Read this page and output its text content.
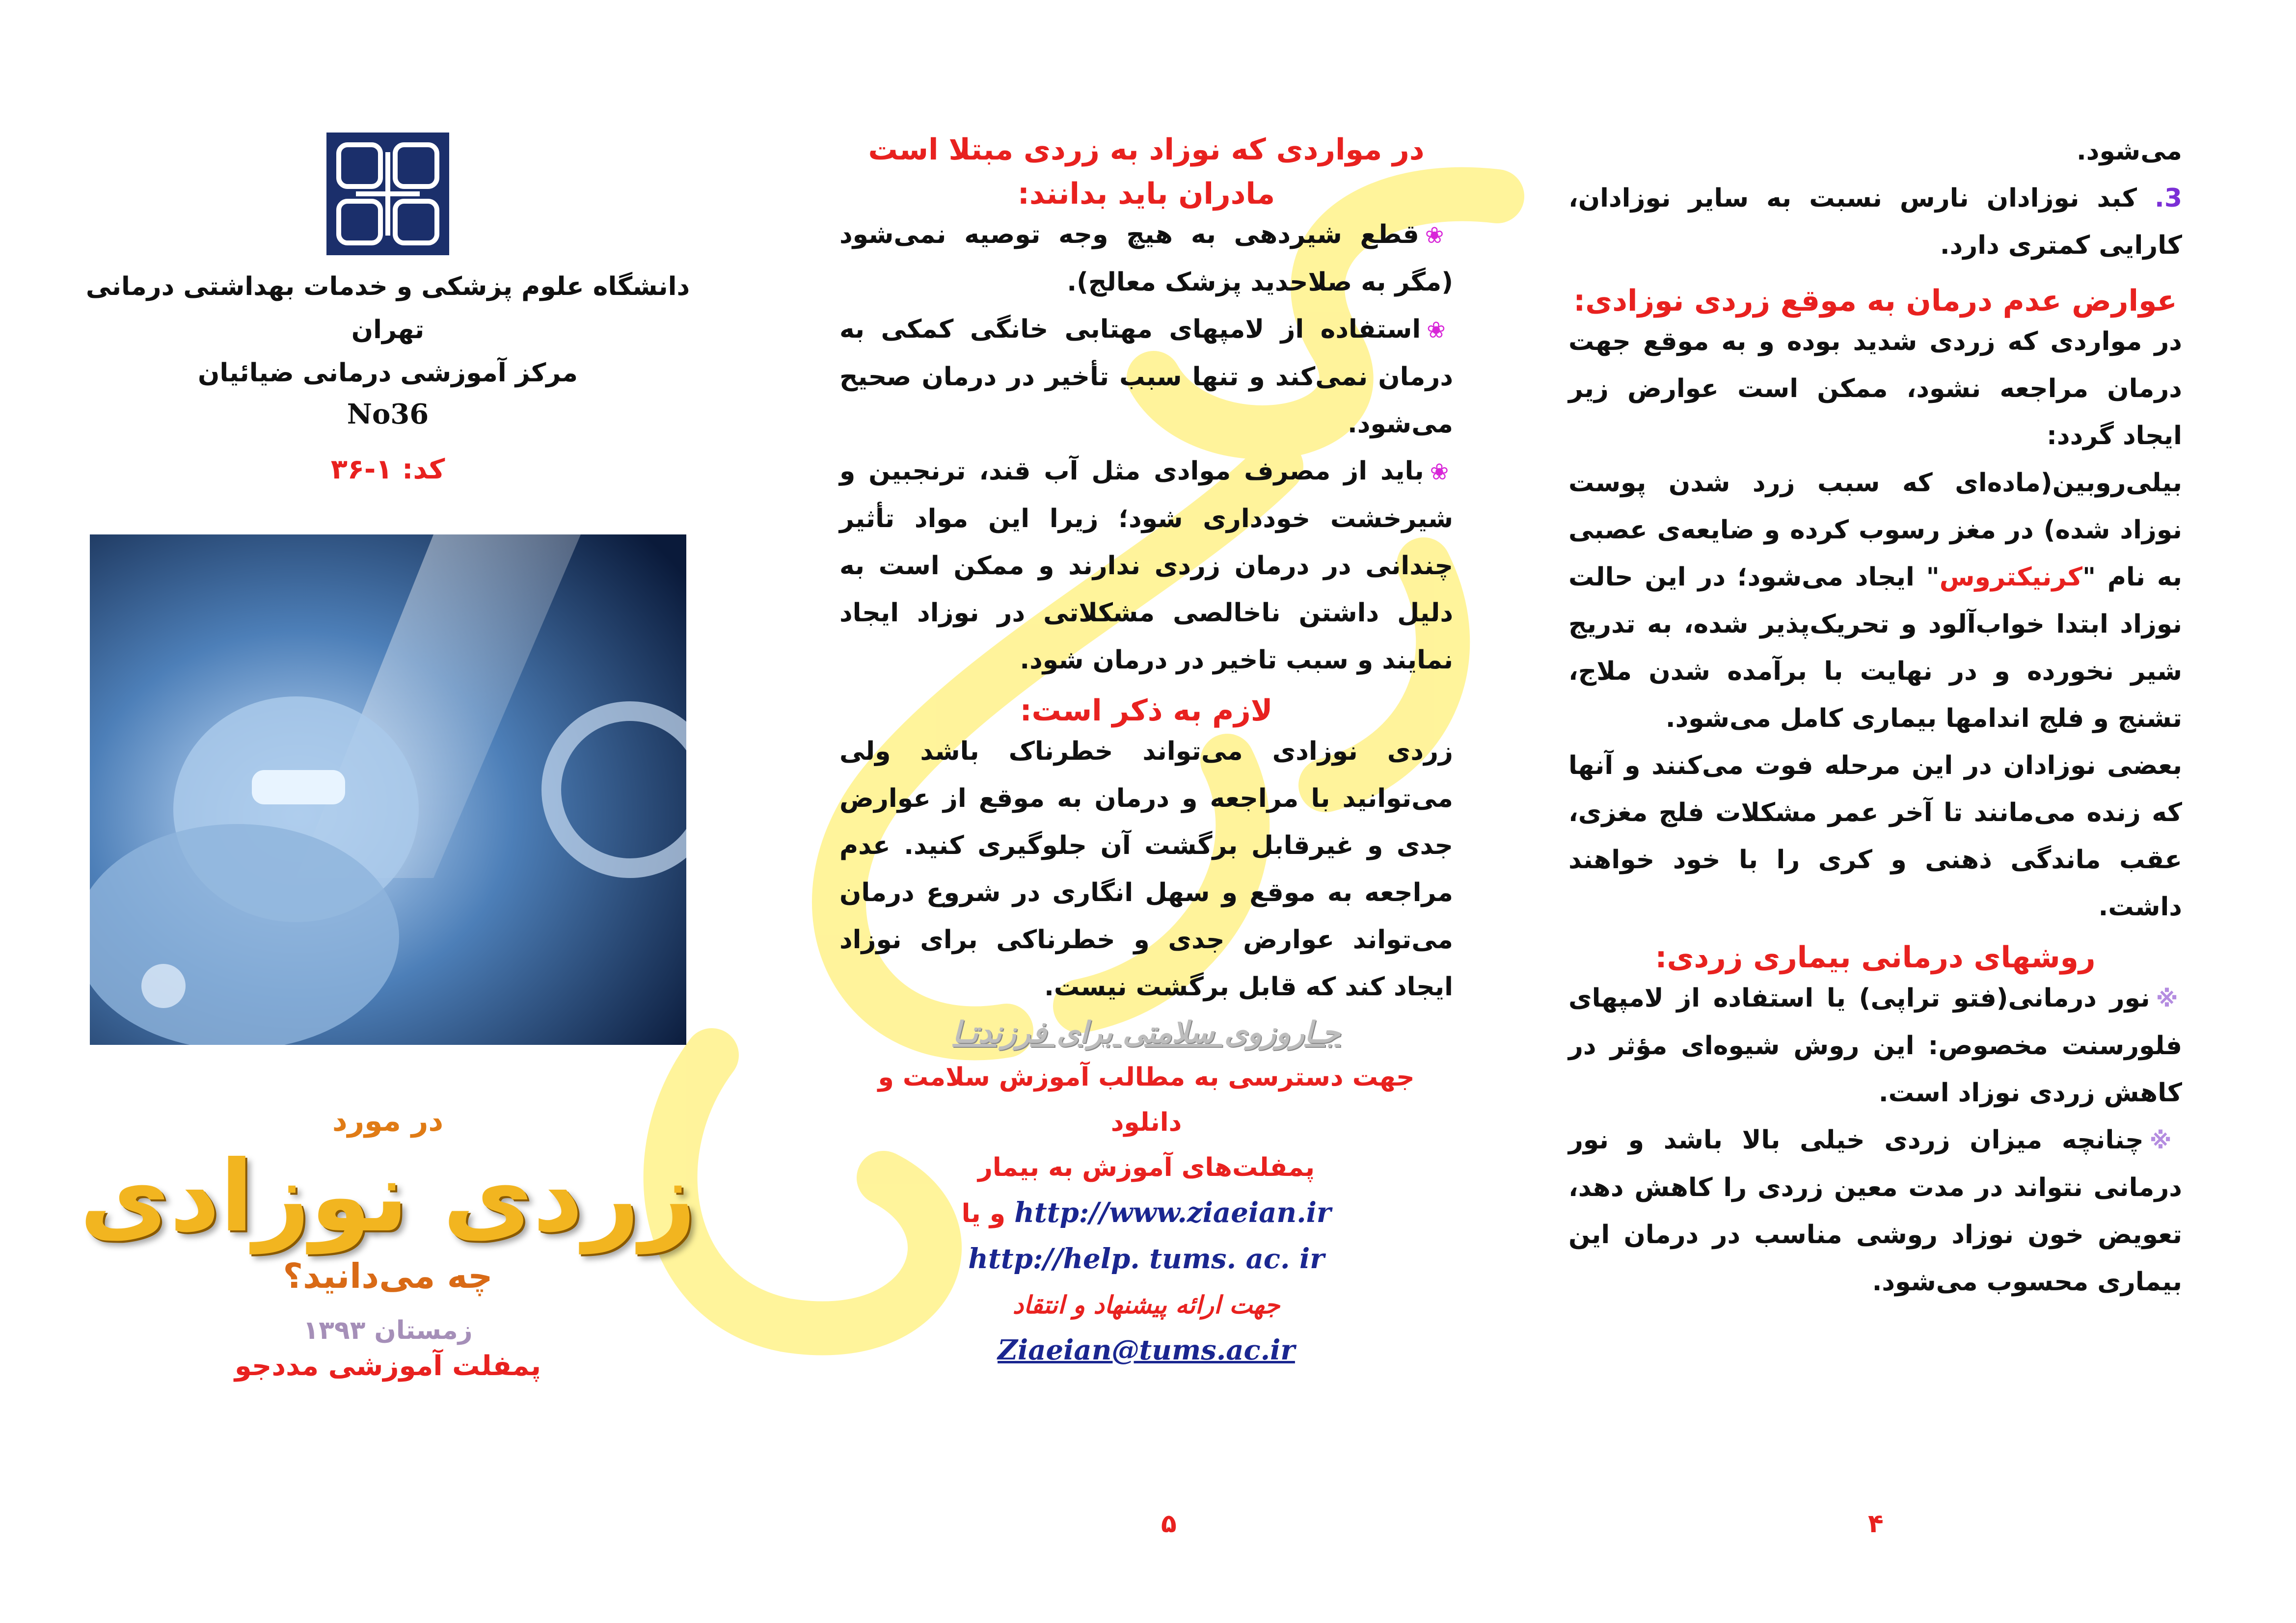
می‌شود.

3. کبد نوزادان نارس نسبت به سایر نوزادان، کارایی کمتری دارد.

عوارض عدم درمان به موقع زردی نوزادی:

در مواردی که زردی شدید بوده و به موقع جهت درمان مراجعه نشود، ممکن است عوارض زیر ایجاد گردد:

بیلی‌روبین(ماده‌ای که سبب زرد شدن پوست نوزاد شده) در مغز رسوب کرده و ضایعه‌ی عصبی به نام "کرنیکتروس" ایجاد می‌شود؛ در این حالت نوزاد ابتدا خواب‌آلود و تحریک‌پذیر شده، به تدریج شیر نخورده و در نهایت با برآمده شدن ملاج، تشنج و فلج اندامها بیماری کامل می‌شود.

بعضی نوزادان در این مرحله فوت می‌کنند و آنها که زنده می‌مانند تا آخر عمر مشکلات فلج مغزی، عقب ماندگی ذهنی و کری را با خود خواهند داشت.

روشهای درمانی بیماری زردی:

※نور درمانی(فتو تراپی) یا استفاده از لامپهای فلورسنت مخصوص: این روش شیوه‌ای مؤثر در کاهش زردی نوزاد است.

※چنانچه میزان زردی خیلی بالا باشد و نور درمانی نتواند در مدت معین زردی را کاهش دهد، تعویض خون نوزاد روشی مناسب در درمان این بیماری محسوب می‌شود.

۴

در مواردی که نوزاد به زردی مبتلا است

مادران باید بدانند:

❀قطع شیردهی به هیچ وجه توصیه نمی‌شود (مگر به صلاحدید پزشک معالج).

❀استفاده از لامپهای مهتابی خانگی کمکی به درمان نمی‌کند و تنها سبب تأخیر در درمان صحیح می‌شود.

❀باید از مصرف موادی مثل آب قند، ترنجبین و شیرخشت خودداری شود؛ زیرا این مواد تأثیر چندانی در درمان زردی ندارند و ممکن است به دلیل داشتن ناخالصی مشکلاتی در نوزاد ایجاد نمایند و سبب تاخیر در درمان شود.

لازم به ذکر است:

زردی نوزادی می‌تواند خطرناک باشد ولی می‌توانید با مراجعه و درمان به موقع از عوارض جدی و غیرقابل برگشت آن جلوگیری کنید. عدم مراجعه به موقع و سهل انگاری در شروع درمان می‌تواند عوارض جدی و خطرناکی برای نوزاد ایجاد کند که قابل برگشت نیست.

جـاروزوی سلامتی برای فرزندتـا

جهت دسترسی به مطالب آموزش سلامت و دانلود

پمفلت‌های آموزش به بیمار

http://www.ziaeian.ir و یا

http://help. tums. ac. ir

جهت ارائه پیشنهاد و انتقاد

Ziaeian@tums.ac.ir

۵

دانشگاه علوم پزشکی و خدمات بهداشتی درمانی تهران

مرکز آموزشی درمانی ضیائیان

No36
کد: ۱-۳۶
در مورد
زردی نوزادی
چه می‌دانید؟
زمستان ۱۳۹۳
پمفلت آموزشی مددجو
